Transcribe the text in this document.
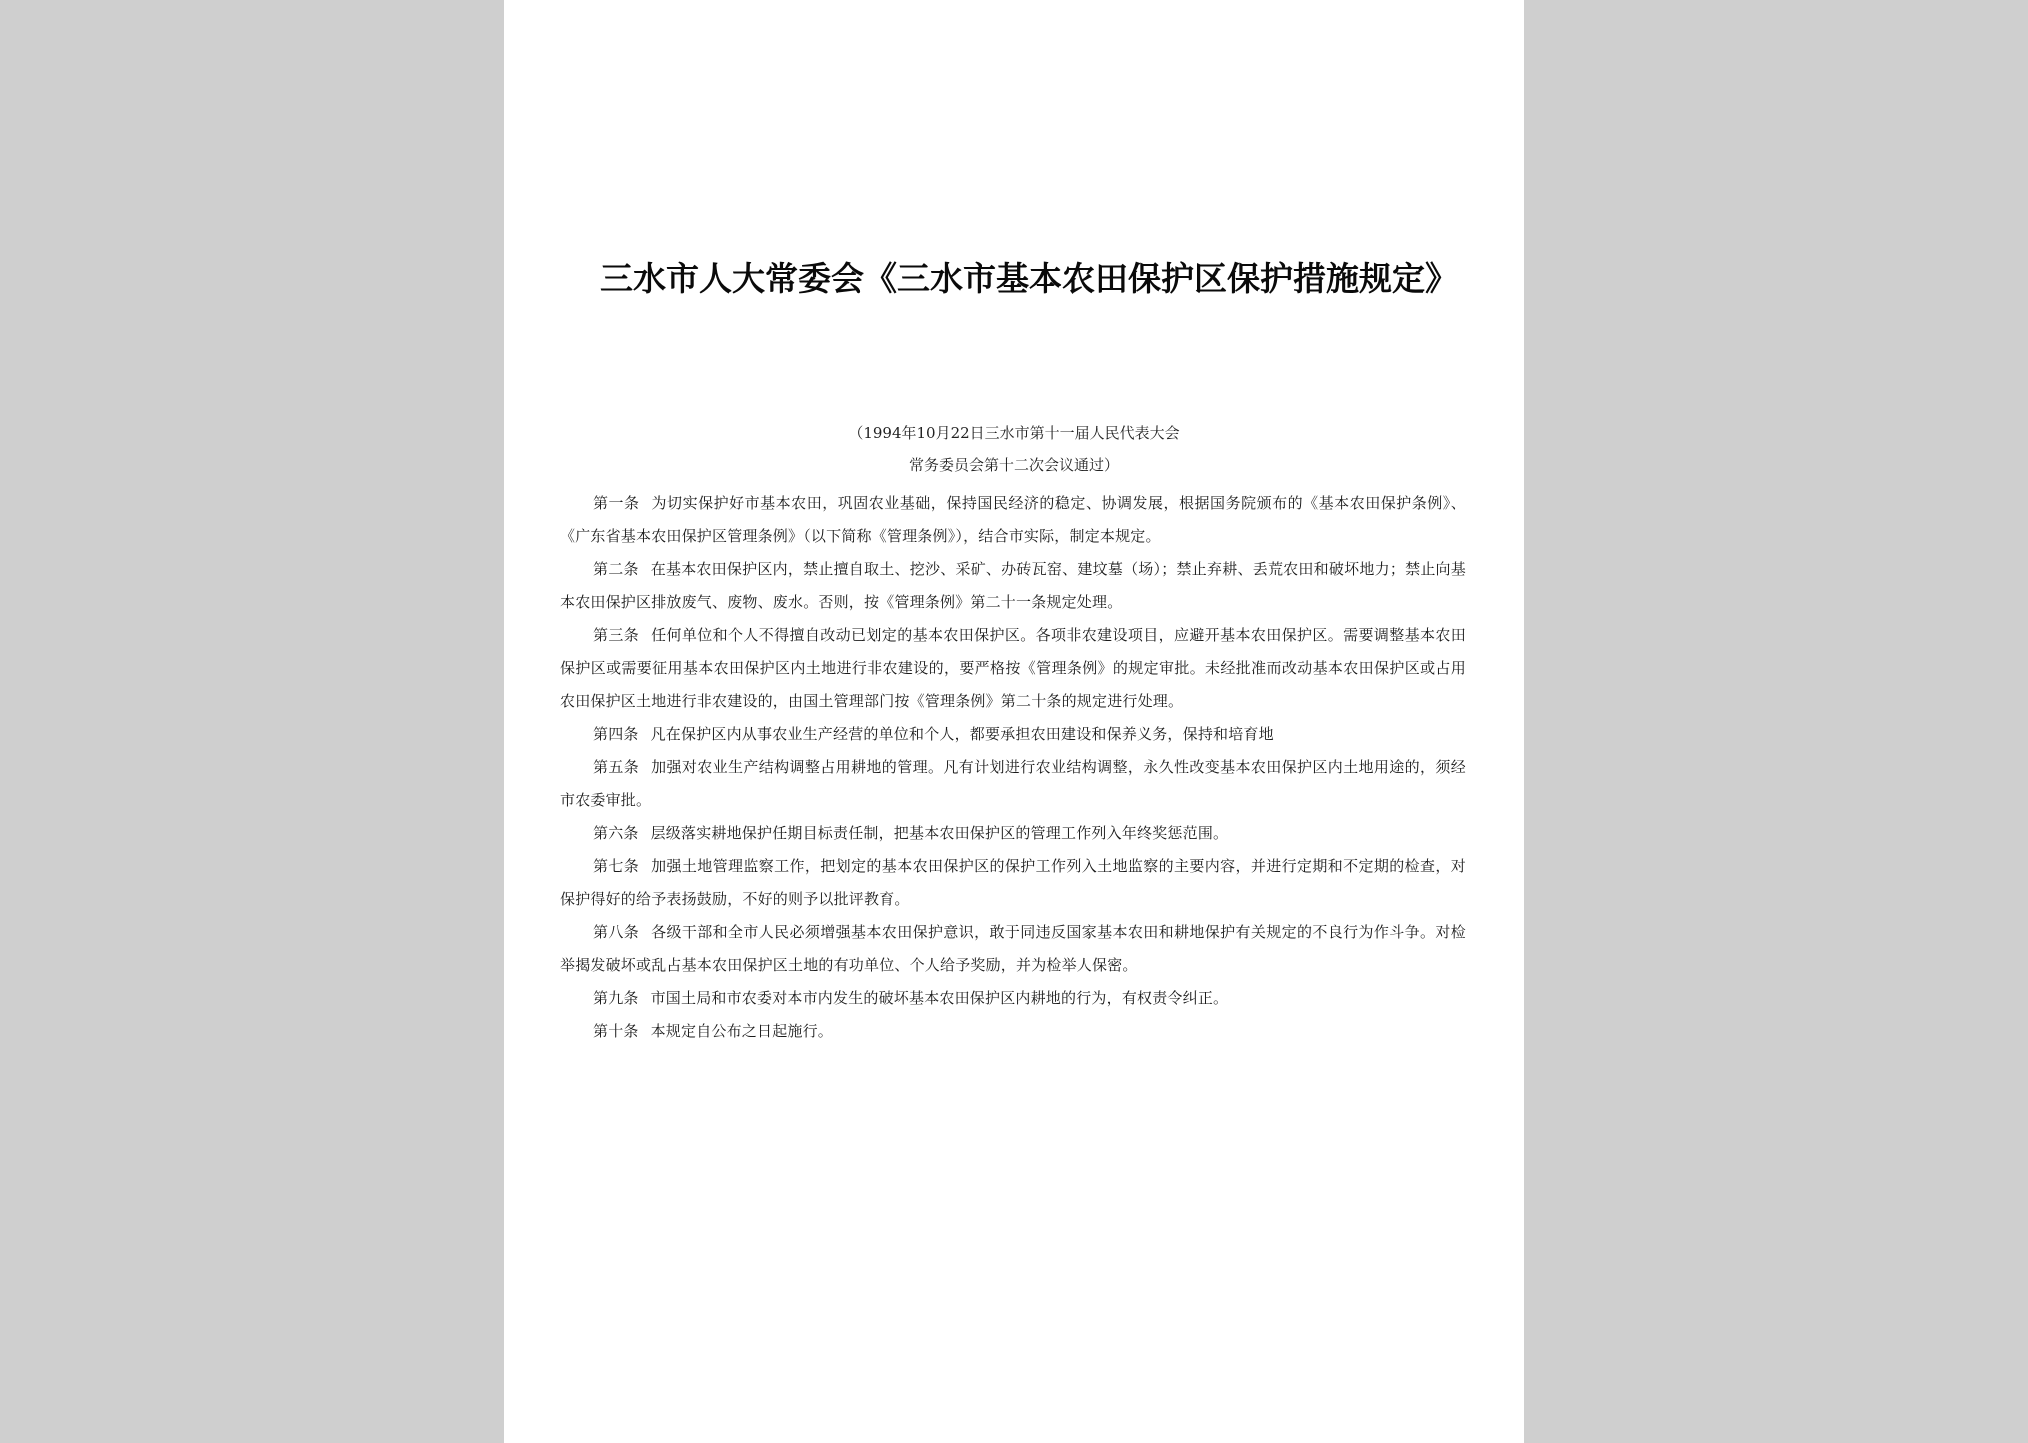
三水市人大常委会《三水市基本农田保护区保护措施规定》
（1994年10月22日三水市第十一届人民代表大会
常务委员会第十二次会议通过）

第一条 为切实保护好市基本农田，巩固农业基础，保持国民经济的稳定、协调发展，根据国务院颁布的《基本农田保护条例》、《广东省基本农田保护区管理条例》（以下简称《管理条例》），结合市实际，制定本规定。

第二条 在基本农田保护区内，禁止擅自取土、挖沙、采矿、办砖瓦窑、建坟墓（场）；禁止弃耕、丢荒农田和破坏地力；禁止向基本农田保护区排放废气、废物、废水。否则，按《管理条例》第二十一条规定处理。

第三条 任何单位和个人不得擅自改动已划定的基本农田保护区。各项非农建设项目，应避开基本农田保护区。需要调整基本农田保护区或需要征用基本农田保护区内土地进行非农建设的，要严格按《管理条例》的规定审批。未经批准而改动基本农田保护区或占用农田保护区土地进行非农建设的，由国土管理部门按《管理条例》第二十条的规定进行处理。

第四条 凡在保护区内从事农业生产经营的单位和个人，都要承担农田建设和保养义务，保持和培育地

第五条 加强对农业生产结构调整占用耕地的管理。凡有计划进行农业结构调整，永久性改变基本农田保护区内土地用途的，须经市农委审批。

第六条 层级落实耕地保护任期目标责任制，把基本农田保护区的管理工作列入年终奖惩范围。

第七条 加强土地管理监察工作，把划定的基本农田保护区的保护工作列入土地监察的主要内容，并进行定期和不定期的检查，对保护得好的给予表扬鼓励，不好的则予以批评教育。

第八条 各级干部和全市人民必须增强基本农田保护意识，敢于同违反国家基本农田和耕地保护有关规定的不良行为作斗争。对检举揭发破坏或乱占基本农田保护区土地的有功单位、个人给予奖励，并为检举人保密。

第九条 市国土局和市农委对本市内发生的破坏基本农田保护区内耕地的行为，有权责令纠正。

第十条 本规定自公布之日起施行。
